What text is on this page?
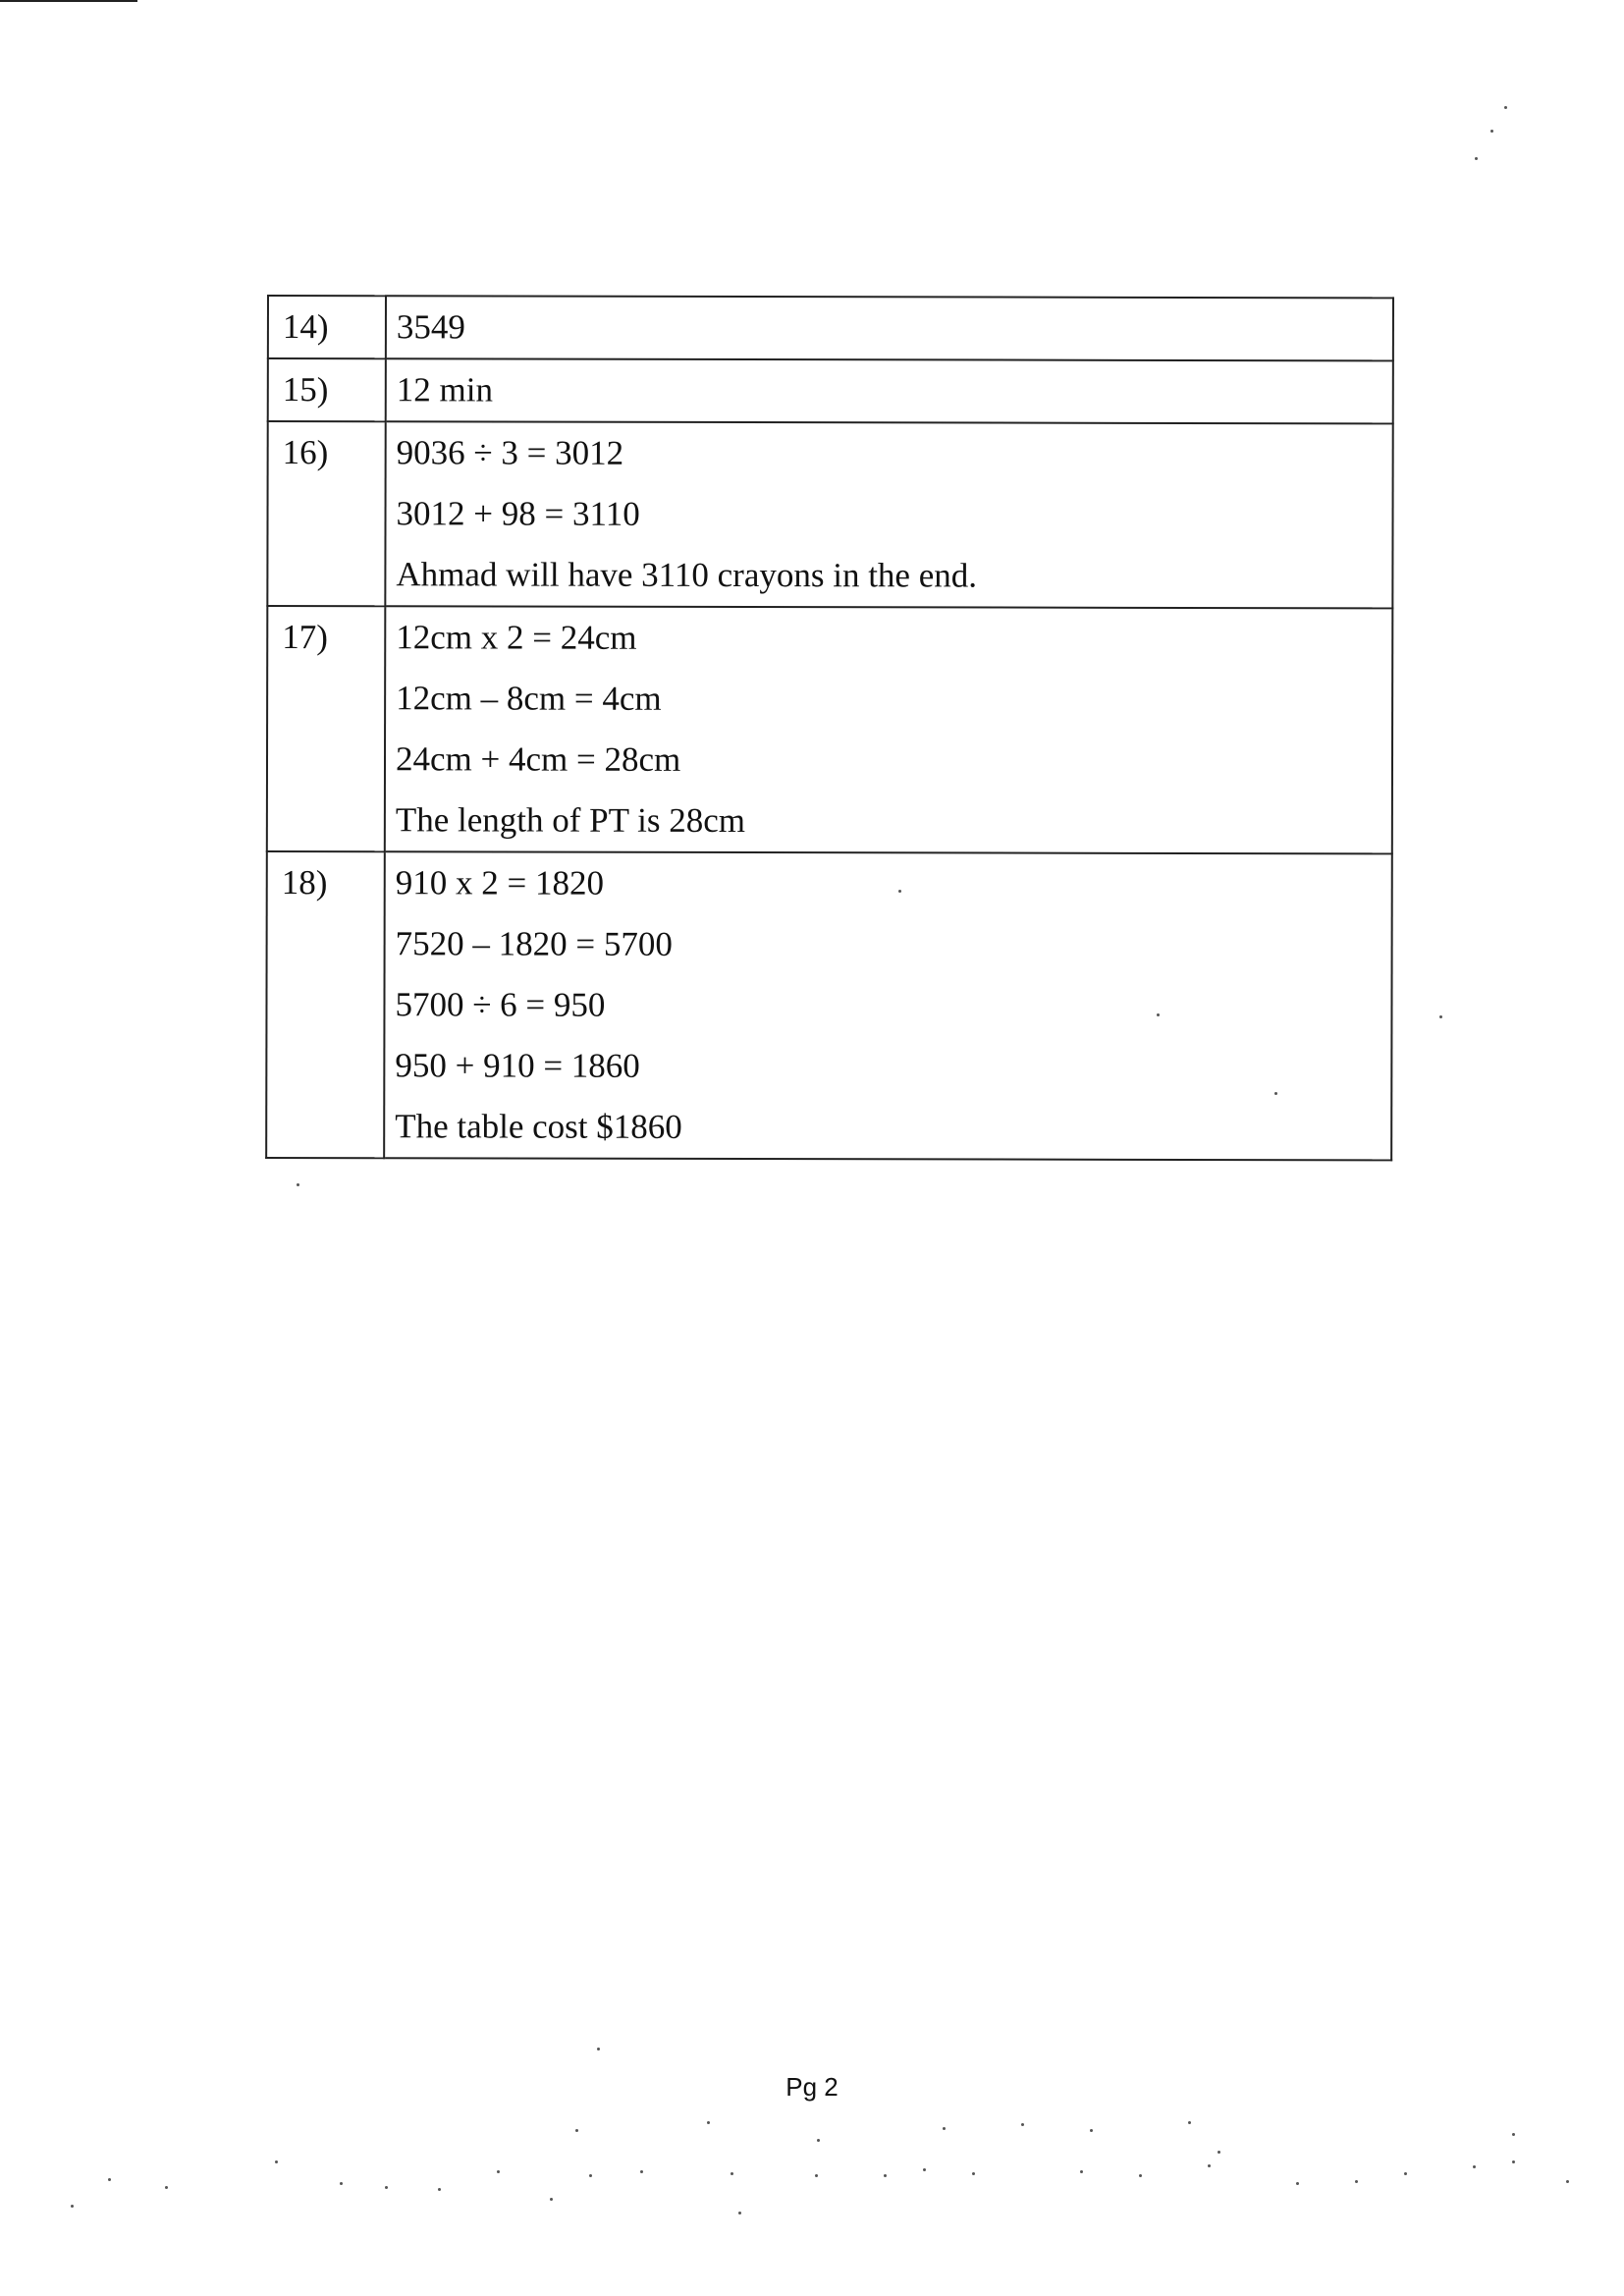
14)	3549

15)	12 min

16)	9036 ÷ 3 = 3012
3012 + 98 = 3110
Ahmad will have 3110 crayons in the end.

17)	12cm x 2 = 24cm
12cm – 8cm = 4cm
24cm + 4cm = 28cm
The length of PT is 28cm

18)	910 x 2 = 1820
7520 – 1820 = 5700
5700 ÷ 6 = 950
950 + 910 = 1860
The table cost $1860
Pg 2
